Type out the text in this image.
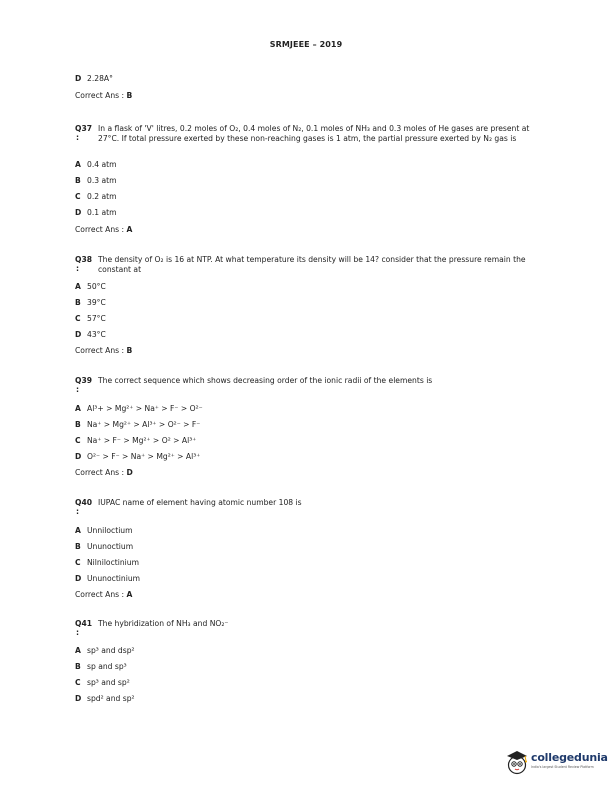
SRMJEEE – 2019
D 2.28A°
Correct Ans : B
Q37
:
In a flask of 'V' litres, 0.2 moles of O₂, 0.4 moles of N₂, 0.1 moles of NH₃ and 0.3 moles of He gases are present at 27°C. If total pressure exerted by these non-reaching gases is 1 atm, the partial pressure exerted by N₂ gas is
A 0.4 atm
B 0.3 atm
C 0.2 atm
D 0.1 atm
Correct Ans : A
Q38
:
The density of O₂ is 16 at NTP. At what temperature its density will be 14? consider that the pressure remain the constant at
A 50°C
B 39°C
C 57°C
D 43°C
Correct Ans : B
Q39
:
The correct sequence which shows decreasing order of the ionic radii of the elements is
A Al³+ > Mg²⁺ > Na⁺ > F⁻ > O²⁻
B Na⁺ > Mg²⁺ > Al³⁺ > O²⁻ > F⁻
C Na⁺ > F⁻ > Mg²⁺ > O² > Al³⁺
D O²⁻ > F⁻ > Na⁺ > Mg²⁺ > Al³⁺
Correct Ans : D
Q40
:
IUPAC name of element having atomic number 108 is
A Unniloctium
B Ununoctium
C Nilniloctinium
D Ununoctinium
Correct Ans : A
Q41
:
The hybridization of NH₃ and NO₂⁻
A sp³ and dsp²
B sp and sp³
C sp³ and sp²
D spd² and sp²
collegedunia
India's largest Student Review Platform
